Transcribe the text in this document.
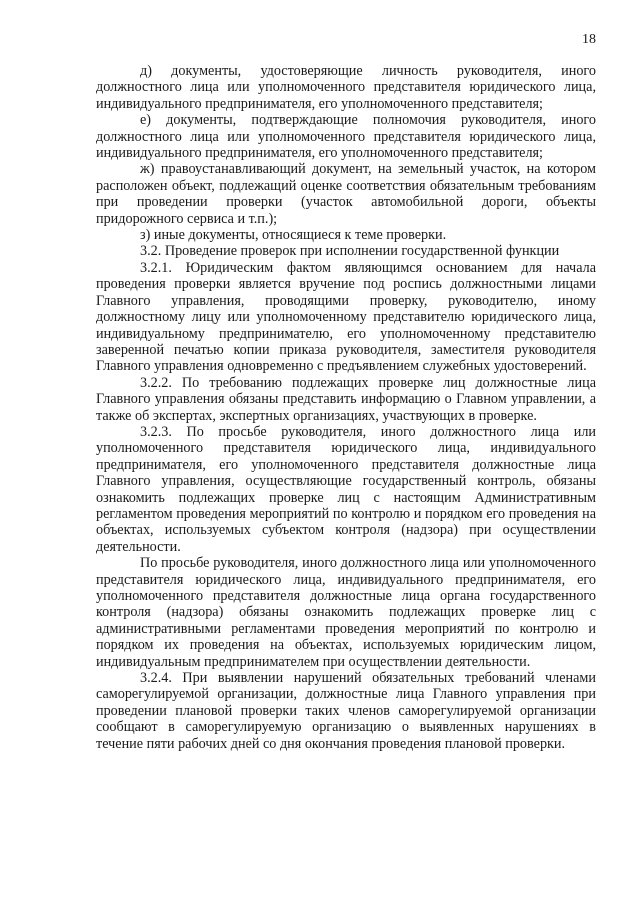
18

д) документы, удостоверяющие личность руководителя, иного должностного лица или уполномоченного представителя юридического лица, индивидуального предпринимателя, его уполномоченного представителя;

е) документы, подтверждающие полномочия руководителя, иного должностного лица или уполномоченного представителя юридического лица, индивидуального предпринимателя, его уполномоченного представителя;

ж) правоустанавливающий документ, на земельный участок, на котором расположен объект, подлежащий оценке соответствия обязательным требованиям при проведении проверки (участок автомобильной дороги, объекты придорожного сервиса и т.п.);

з) иные документы, относящиеся к теме проверки.

3.2. Проведение проверок при исполнении государственной функции

3.2.1. Юридическим фактом являющимся основанием для начала проведения проверки является вручение под роспись должностными лицами Главного управления, проводящими проверку, руководителю, иному должностному лицу или уполномоченному представителю юридического лица, индивидуальному предпринимателю, его уполномоченному представителю заверенной печатью копии приказа руководителя, заместителя руководителя Главного управления одновременно с предъявлением служебных удостоверений.

3.2.2. По требованию подлежащих проверке лиц должностные лица Главного управления обязаны представить информацию о Главном управлении, а также об экспертах, экспертных организациях, участвующих в проверке.

3.2.3. По просьбе руководителя, иного должностного лица или уполномоченного представителя юридического лица, индивидуального предпринимателя, его уполномоченного представителя должностные лица Главного управления, осуществляющие государственный контроль, обязаны ознакомить подлежащих проверке лиц с настоящим Административным регламентом проведения мероприятий по контролю и порядком его проведения на объектах, используемых субъектом контроля (надзора) при осуществлении деятельности.

По просьбе руководителя, иного должностного лица или уполномоченного представителя юридического лица, индивидуального предпринимателя, его уполномоченного представителя должностные лица органа государственного контроля (надзора) обязаны ознакомить подлежащих проверке лиц с административными регламентами проведения мероприятий по контролю и порядком их проведения на объектах, используемых юридическим лицом, индивидуальным предпринимателем при осуществлении деятельности.

3.2.4. При выявлении нарушений обязательных требований членами саморегулируемой организации, должностные лица Главного управления при проведении плановой проверки таких членов саморегулируемой организации сообщают в саморегулируемую организацию о выявленных нарушениях в течение пяти рабочих дней со дня окончания проведения плановой проверки.
